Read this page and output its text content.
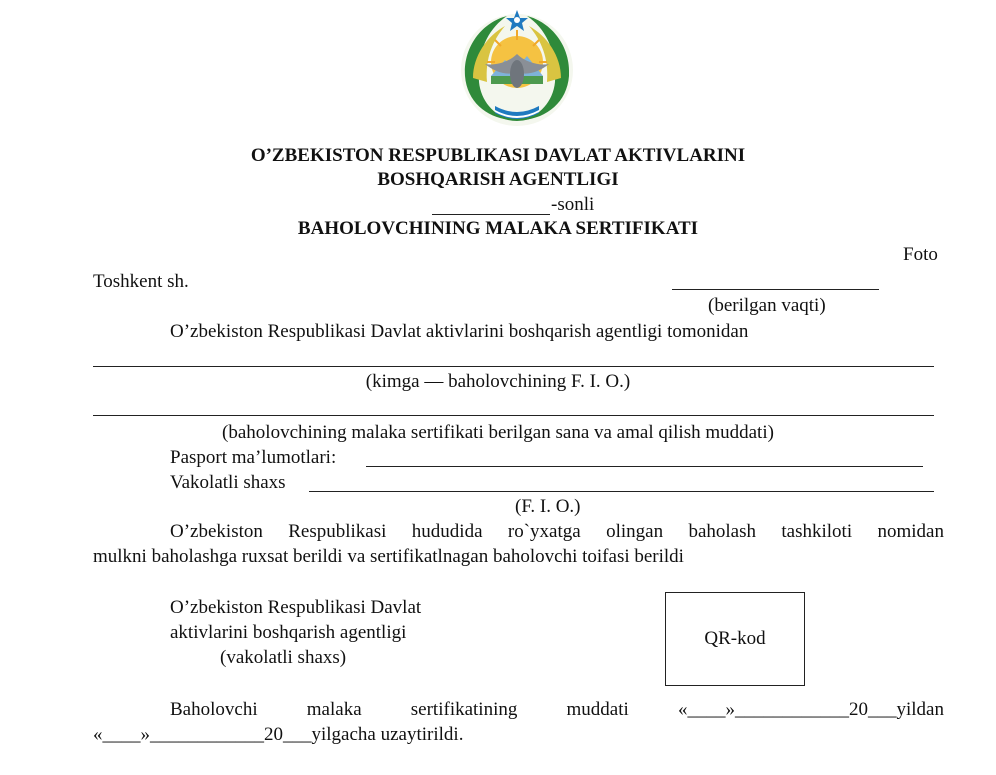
O’ZBEKISTON RESPUBLIKASI DAVLAT AKTIVLARINI
BOSHQARISH AGENTLIGI
-sonli
BAHOLOVCHINING MALAKA SERTIFIKATI
Foto
Toshkent sh.
(berilgan vaqti)
O’zbekiston Respublikasi Davlat aktivlarini boshqarish agentligi tomonidan
(kimga — baholovchining F. I. O.)
(baholovchining malaka sertifikati berilgan sana va amal qilish muddati)
Pasport ma’lumotlari:
Vakolatli shaxs
(F. I. O.)
O’zbekiston Respublikasi hududida ro`yxatga olingan baholash tashkiloti nomidan
mulkni baholashga ruxsat berildi va sertifikatlnagan baholovchi toifasi berildi
O’zbekiston Respublikasi Davlat
aktivlarini boshqarish agentligi
(vakolatli shaxs)
QR-kod
Baholovchi	malaka	sertifikatining	muddati	«____»____________20___yildan
«____»____________20___yilgacha uzaytirildi.
